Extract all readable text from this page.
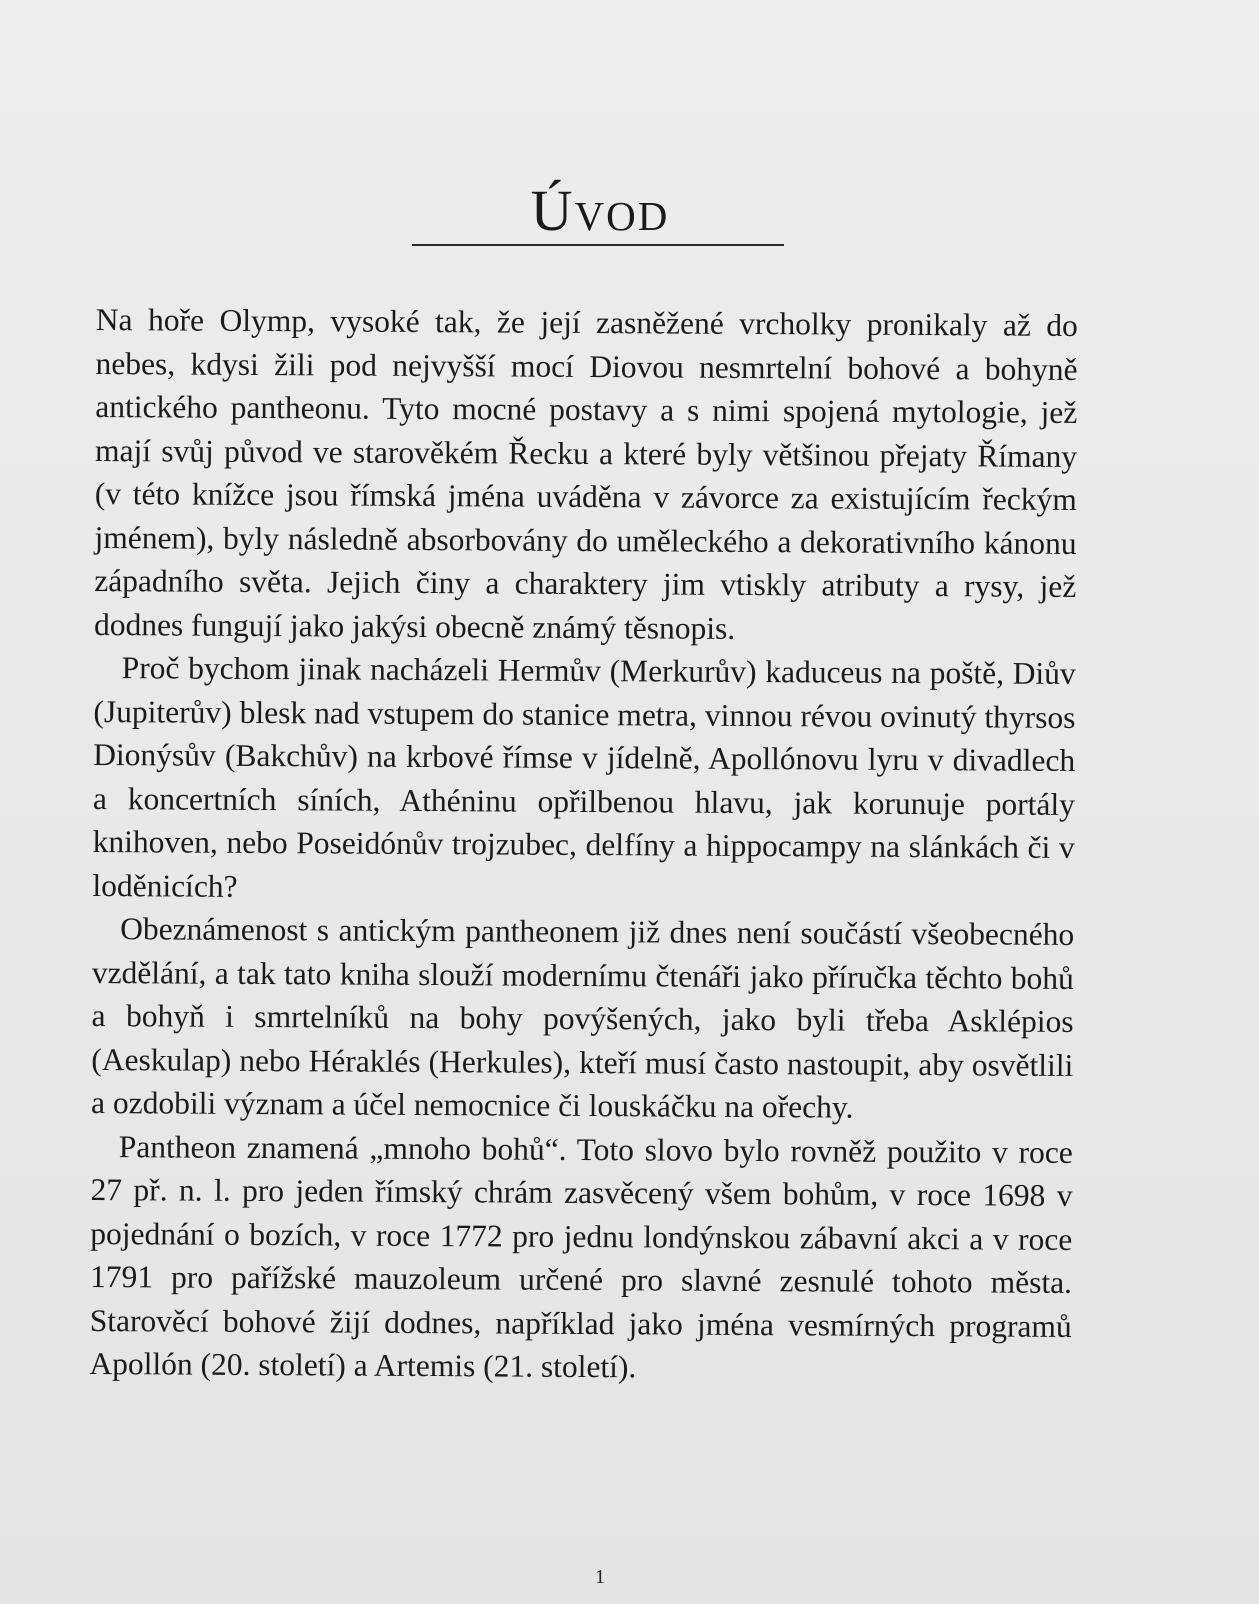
Úvod

Na hoře Olymp, vysoké tak, že její zasněžené vrcholky pronikaly až do nebes, kdysi žili pod nejvyšší mocí Diovou nesmrtelní bohové a bohyně antického pantheonu. Tyto mocné postavy a s nimi spojená mytologie, jež mají svůj původ ve starověkém Řecku a které byly většinou přejaty Římany (v této knížce jsou římská jména uváděna v závorce za existujícím řeckým jménem), byly následně absorbovány do uměleckého a dekorativního kánonu západního světa. Jejich činy a charaktery jim vtiskly atributy a rysy, jež dodnes fungují jako jakýsi obecně známý těsnopis.

Proč bychom jinak nacházeli Hermův (Merkurův) kaduceus na poště, Diův (Jupiterův) blesk nad vstupem do stanice metra, vinnou révou ovinutý thyrsos Dionýsův (Bakchův) na krbové římse v jídelně, Apollónovu lyru v divadlech a koncertních síních, Athéninu opřilbenou hlavu, jak korunuje portály knihoven, nebo Poseidónův trojzubec, delfíny a hippocampy na slánkách či v loděnicích?

Obeznámenost s antickým pantheonem již dnes není součástí všeobecného vzdělání, a tak tato kniha slouží modernímu čtenáři jako příručka těchto bohů a bohyň i smrtelníků na bohy povýšených, jako byli třeba Asklépios (Aeskulap) nebo Héraklés (Herkules), kteří musí často nastoupit, aby osvětlili a ozdobili význam a účel nemocnice či louskáčku na ořechy.

Pantheon znamená „mnoho bohů“. Toto slovo bylo rovněž použito v roce 27 př. n. l. pro jeden římský chrám zasvěcený všem bohům, v roce 1698 v pojednání o bozích, v roce 1772 pro jednu londýnskou zábavní akci a v roce 1791 pro pařížské mauzoleum určené pro slavné zesnulé tohoto města. Starověcí bohové žijí dodnes, například jako jména vesmírných programů Apollón (20. století) a Artemis (21. století).

1
